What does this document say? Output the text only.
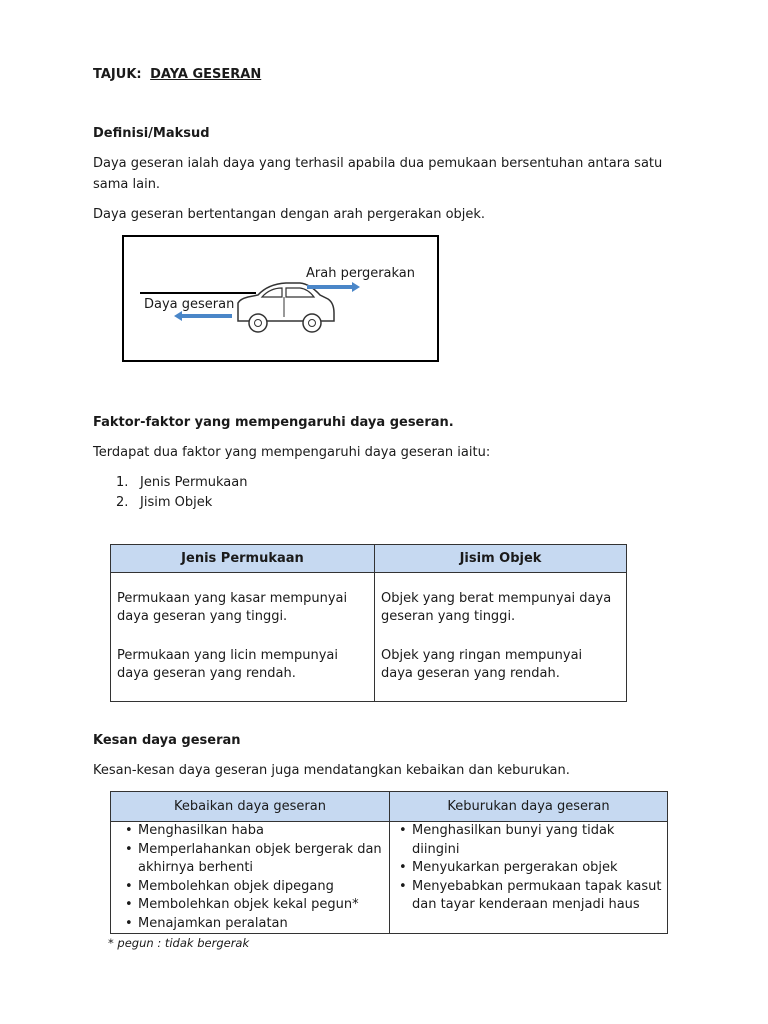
TAJUK: DAYA GESERAN
Definisi/Maksud
Daya geseran ialah daya yang terhasil apabila dua pemukaan bersentuhan antara satu
sama lain.
Daya geseran bertentangan dengan arah pergerakan objek.
Arah pergerakan
Daya geseran
Faktor-faktor yang mempengaruhi daya geseran.
Terdapat dua faktor yang mempengaruhi daya geseran iaitu:
1. Jenis Permukaan
2. Jisim Objek
Jenis Permukaan	Jisim Objek
Permukaan yang kasar mempunyai daya geseran yang tinggi.
Permukaan yang licin mempunyai daya geseran yang rendah.
Objek yang berat mempunyai daya geseran yang tinggi.
Objek yang ringan mempunyai daya geseran yang rendah.
Kesan daya geseran
Kesan-kesan daya geseran juga mendatangkan kebaikan dan keburukan.
Kebaikan daya geseran	Keburukan daya geseran
• Menghasilkan haba
• Memperlahankan objek bergerak dan
akhirnya berhenti
• Membolehkan objek dipegang
• Membolehkan objek kekal pegun*
• Menajamkan peralatan
• Menghasilkan bunyi yang tidak
diingini
• Menyukarkan pergerakan objek
• Menyebabkan permukaan tapak kasut
dan tayar kenderaan menjadi haus
* pegun : tidak bergerak
